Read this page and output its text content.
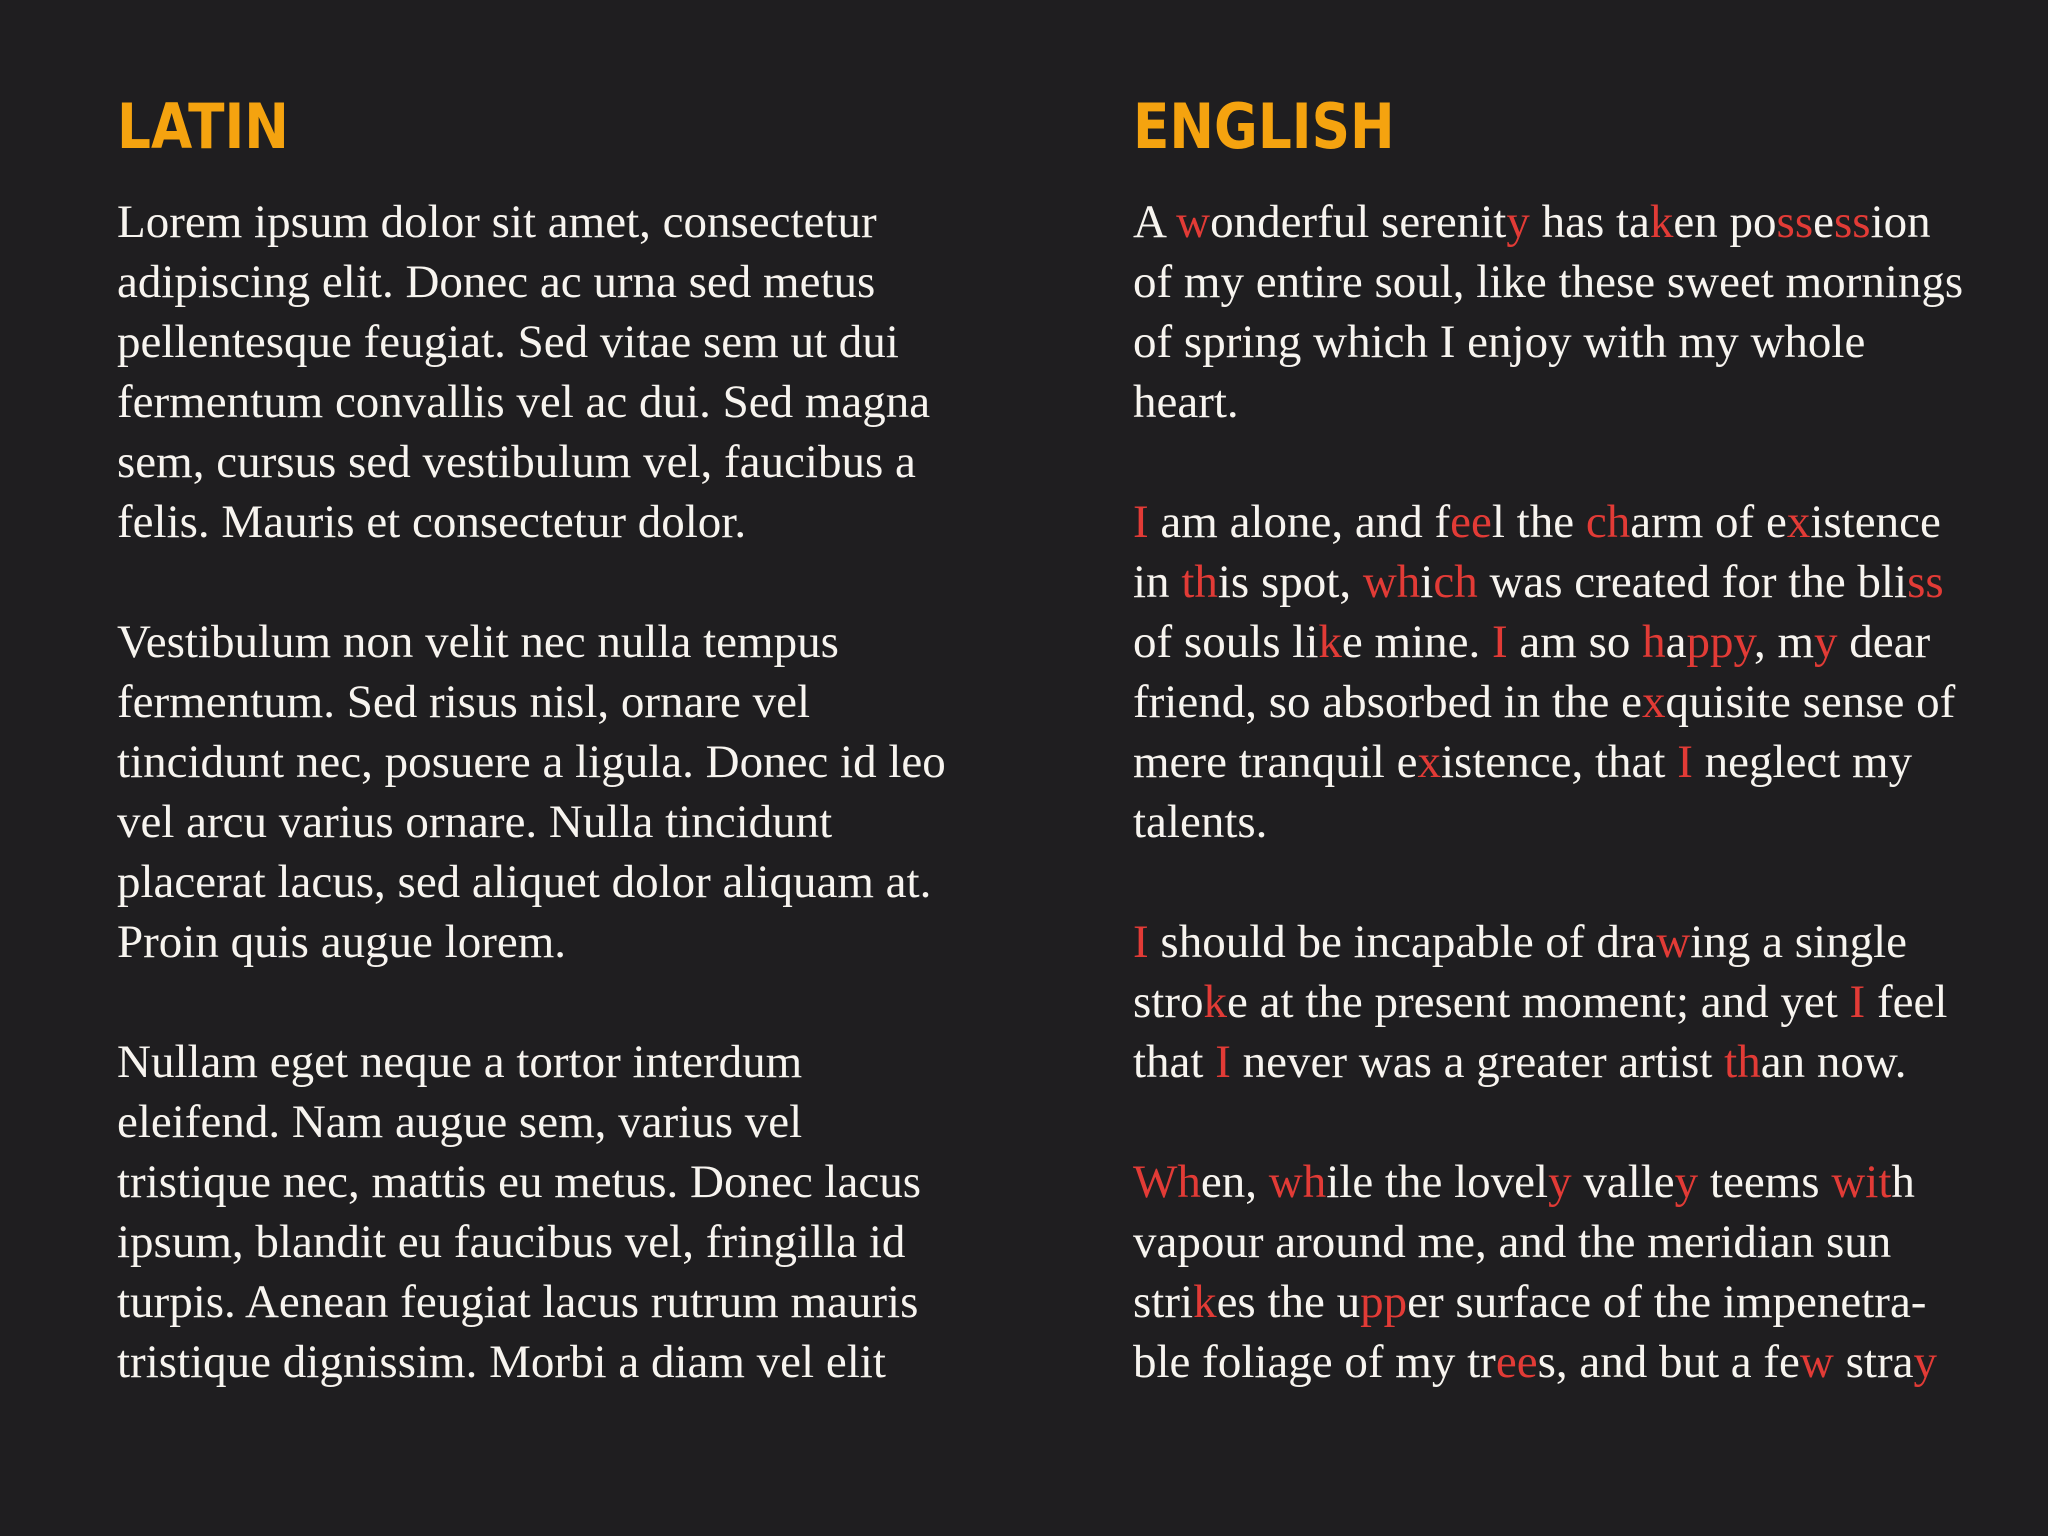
LATIN

Lorem ipsum dolor sit amet, consectetur
adipiscing elit. Donec ac urna sed metus
pellentesque feugiat. Sed vitae sem ut dui
fermentum convallis vel ac dui. Sed magna
sem, cursus sed vestibulum vel, faucibus a
felis. Mauris et consectetur dolor.

Vestibulum non velit nec nulla tempus
fermentum. Sed risus nisl, ornare vel
tincidunt nec, posuere a ligula. Donec id leo
vel arcu varius ornare. Nulla tincidunt
placerat lacus, sed aliquet dolor aliquam at.
Proin quis augue lorem.

Nullam eget neque a tortor interdum
eleifend. Nam augue sem, varius vel
tristique nec, mattis eu metus. Donec lacus
ipsum, blandit eu faucibus vel, fringilla id
turpis. Aenean feugiat lacus rutrum mauris
tristique dignissim. Morbi a diam vel elit

ENGLISH

A wonderful serenity has taken possession
of my entire soul, like these sweet mornings
of spring which I enjoy with my whole
heart.

I am alone, and feel the charm of existence
in this spot, which was created for the bliss
of souls like mine. I am so happy, my dear
friend, so absorbed in the exquisite sense of
mere tranquil existence, that I neglect my
talents.

I should be incapable of drawing a single
stroke at the present moment; and yet I feel
that I never was a greater artist than now.

When, while the lovely valley teems with
vapour around me, and the meridian sun
strikes the upper surface of the impenetra-
ble foliage of my trees, and but a few stray
